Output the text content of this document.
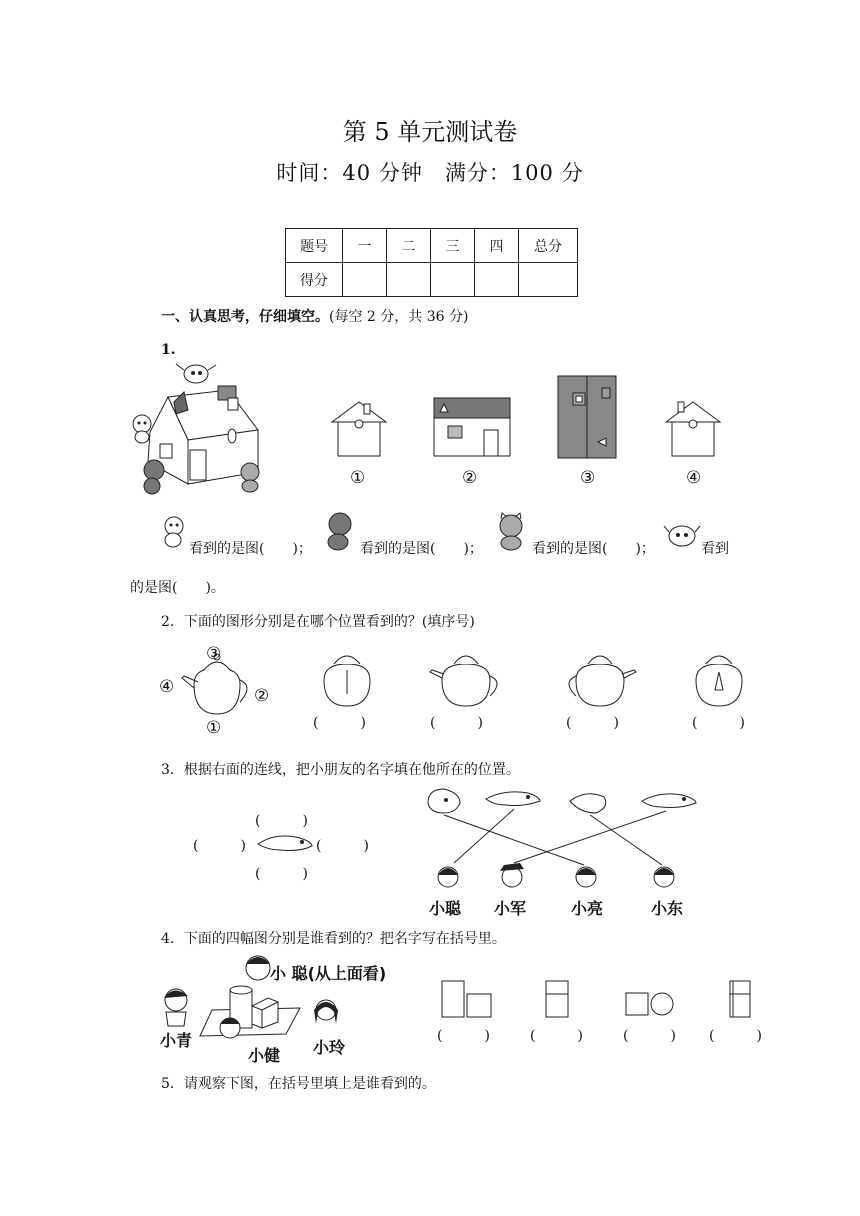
第 5 单元测试卷
时间：40 分钟　满分：100 分
题号	一	二	三	四	总分
得分					
一、认真思考，仔细填空。(每空 2 分，共 36 分)
1.
①	②	③	④
看到的是图(　　)；	看到的是图(　　)；	看到的是图(　　)；	看到
的是图(　　)。
2．下面的图形分别是在哪个位置看到的？(填序号)
③
④	②
①	(　　　)	(　　　)	(　　　)	(　　　)
3．根据右面的连线，把小朋友的名字填在他所在的位置。
(　　　)
(　　　)	(　　　)
(　　　)
小聪 小军	小亮	小东
4．下面的四幅图分别是谁看到的？把名字写在括号里。
小 聪(从上面看)
小青
小健 小玲
(　　　)	(　　　)	(　　　) (　　　)
5．请观察下图，在括号里填上是谁看到的。
